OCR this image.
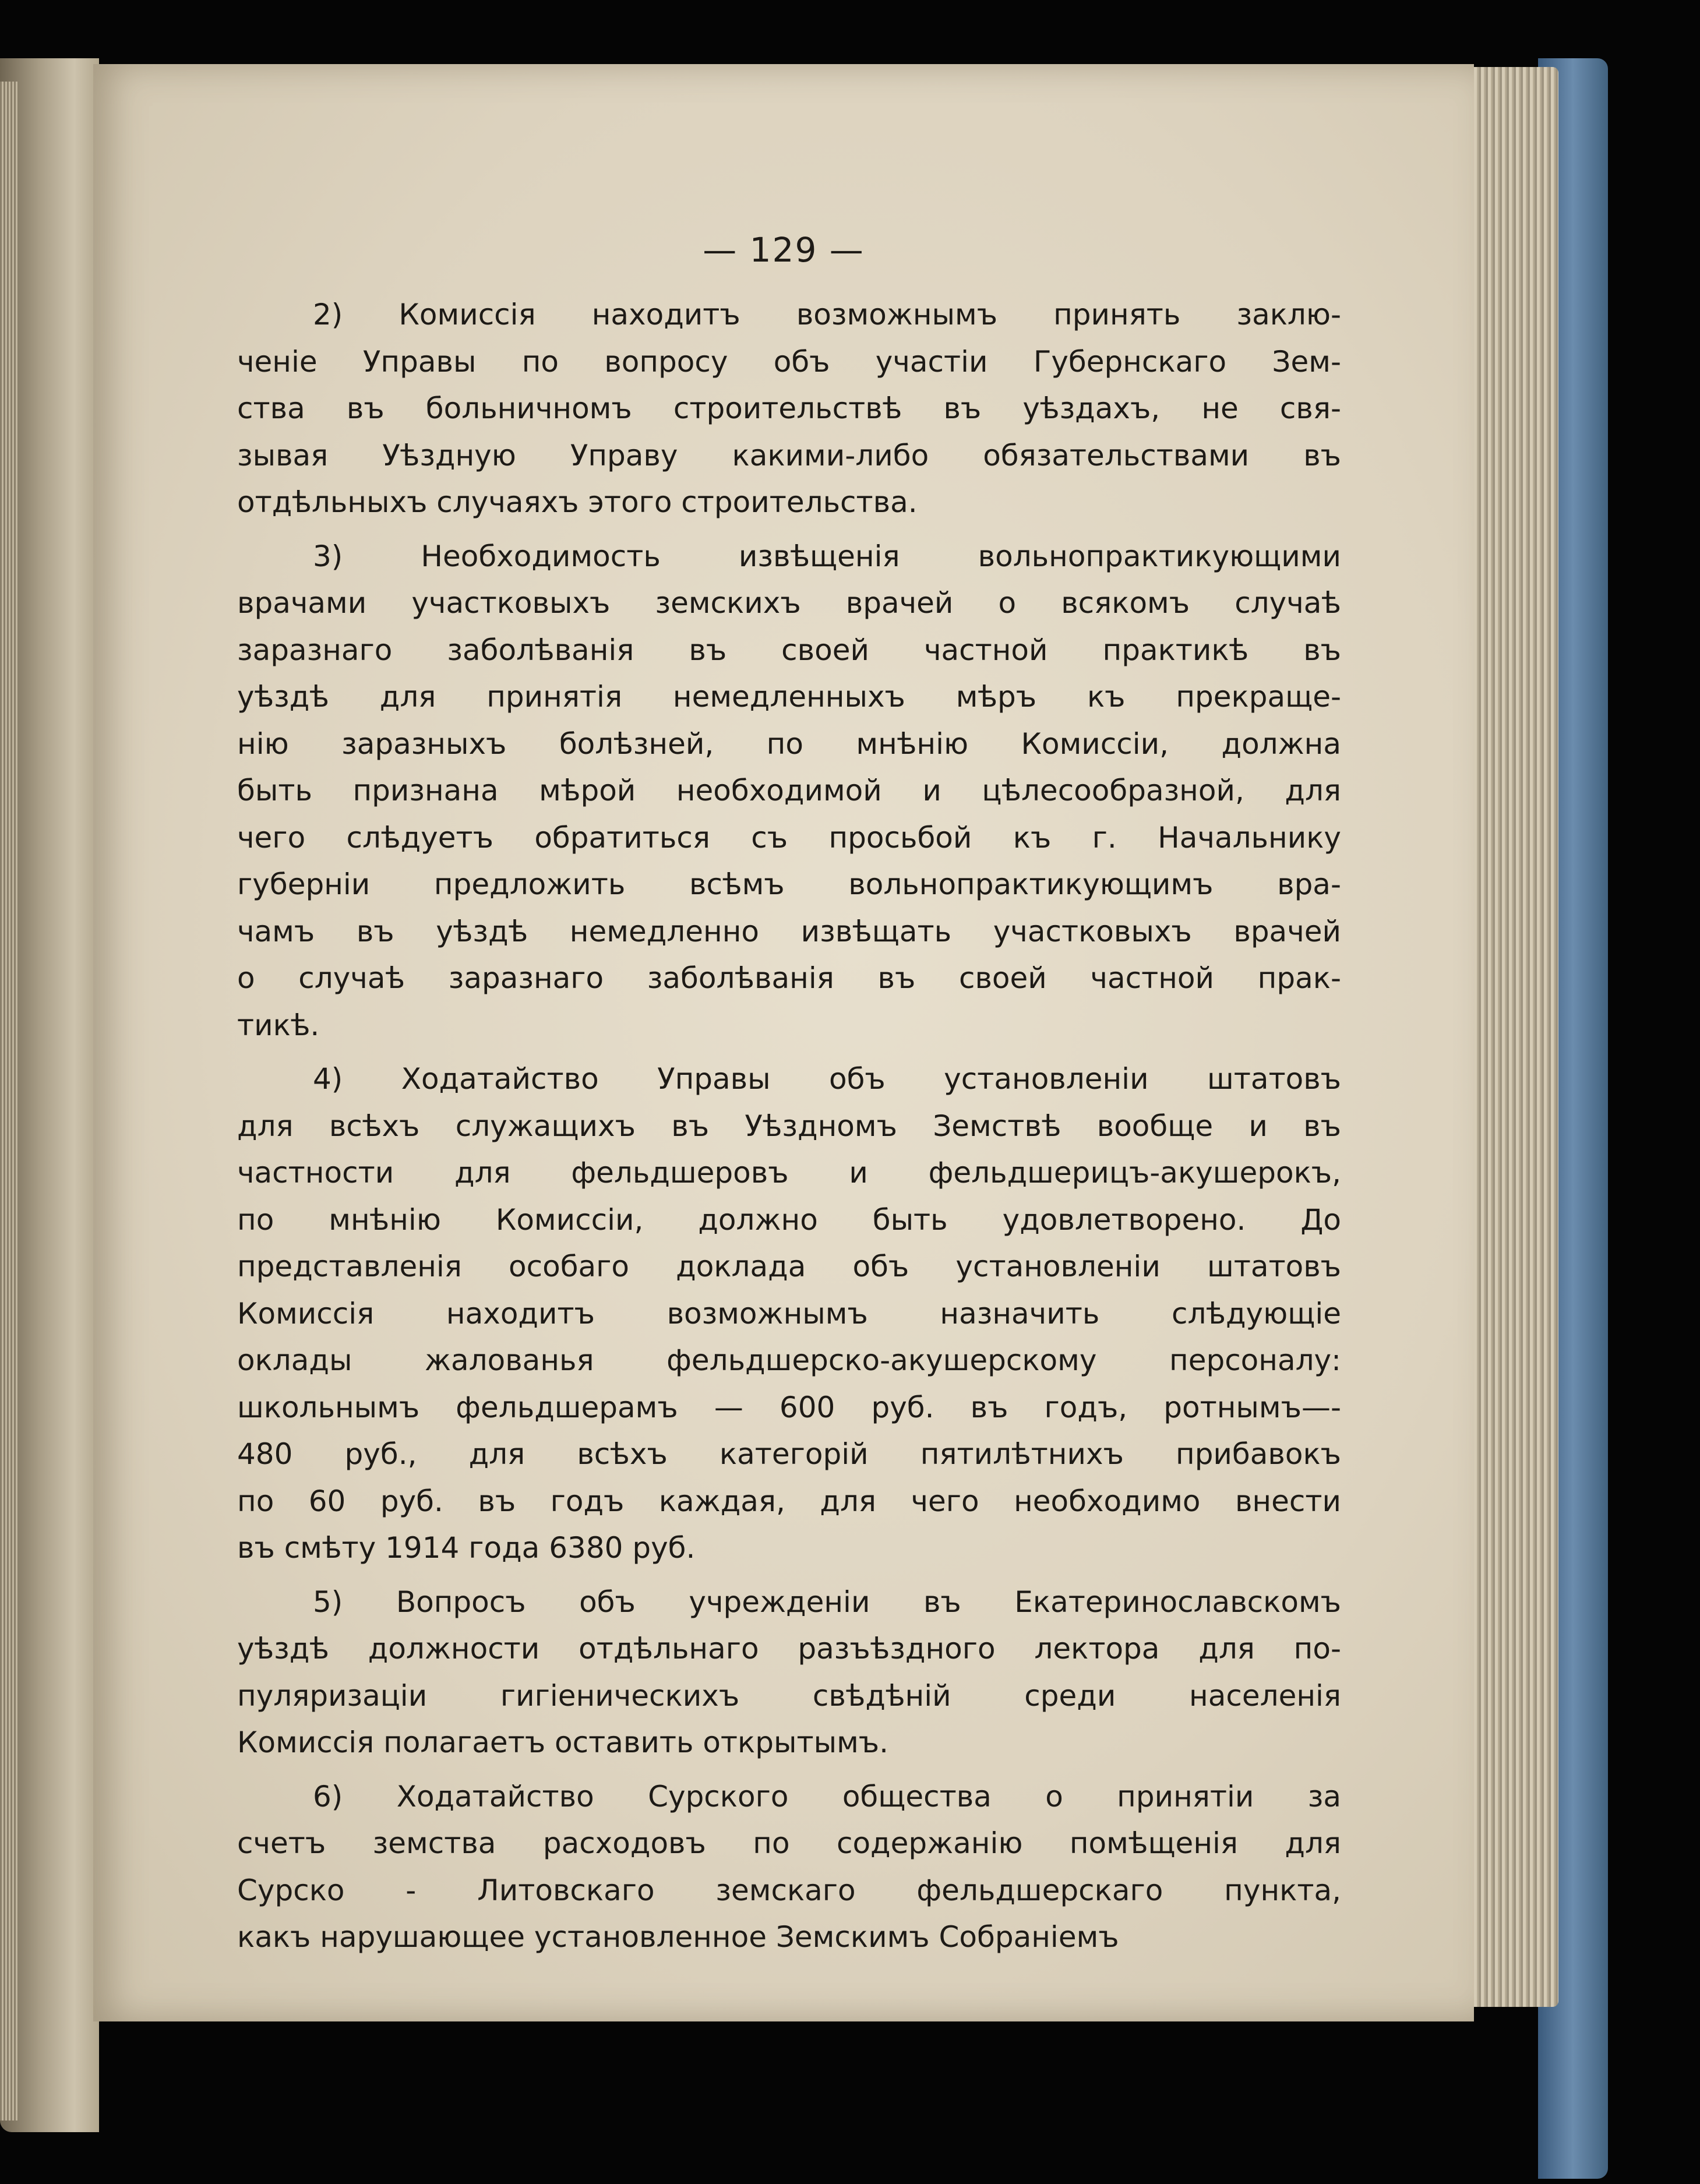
— 129 —
2) Комиссія находитъ возможнымъ принять заклю-
ченіе Управы по вопросу объ участіи Губернскаго Зем-
ства въ больничномъ строительствѣ въ уѣздахъ, не свя-
зывая Уѣздную Управу какими-либо обязательствами въ
отдѣльныхъ случаяхъ этого строительства.
3) Необходимость извѣщенія вольнопрактикующими
врачами участковыхъ земскихъ врачей о всякомъ случаѣ
заразнаго заболѣванія въ своей частной практикѣ въ
уѣздѣ для принятія немедленныхъ мѣръ къ прекраще-
нію заразныхъ болѣзней, по мнѣнію Комиссіи, должна
быть признана мѣрой необходимой и цѣлесообразной, для
чего слѣдуетъ обратиться съ просьбой къ г. Начальнику
губерніи предложить всѣмъ вольнопрактикующимъ вра-
чамъ въ уѣздѣ немедленно извѣщать участковыхъ врачей
о случаѣ заразнаго заболѣванія въ своей частной прак-
тикѣ.
4) Ходатайство Управы объ установленіи штатовъ
для всѣхъ служащихъ въ Уѣздномъ Земствѣ вообще и въ
частности для фельдшеровъ и фельдшерицъ-акушерокъ,
по мнѣнію Комиссіи, должно быть удовлетворено. До
представленія особаго доклада объ установленіи штатовъ
Комиссія находитъ возможнымъ назначить слѣдующіе
оклады жалованья фельдшерско-акушерскому персоналу:
школьнымъ фельдшерамъ — 600 руб. въ годъ, ротнымъ—-
480 руб., для всѣхъ категорій пятилѣтнихъ прибавокъ
по 60 руб. въ годъ каждая, для чего необходимо внести
въ смѣту 1914 года 6380 руб.
5) Вопросъ объ учрежденіи въ Екатеринославскомъ
уѣздѣ должности отдѣльнаго разъѣздного лектора для по-
пуляризаціи гигіеническихъ свѣдѣній среди населенія
Комиссія полагаетъ оставить открытымъ.
6) Ходатайство Сурского общества о принятіи за
счетъ земства расходовъ по содержанію помѣщенія для
Сурско - Литовскаго земскаго фельдшерскаго пункта,
какъ нарушающее установленное Земскимъ Собраніемъ
